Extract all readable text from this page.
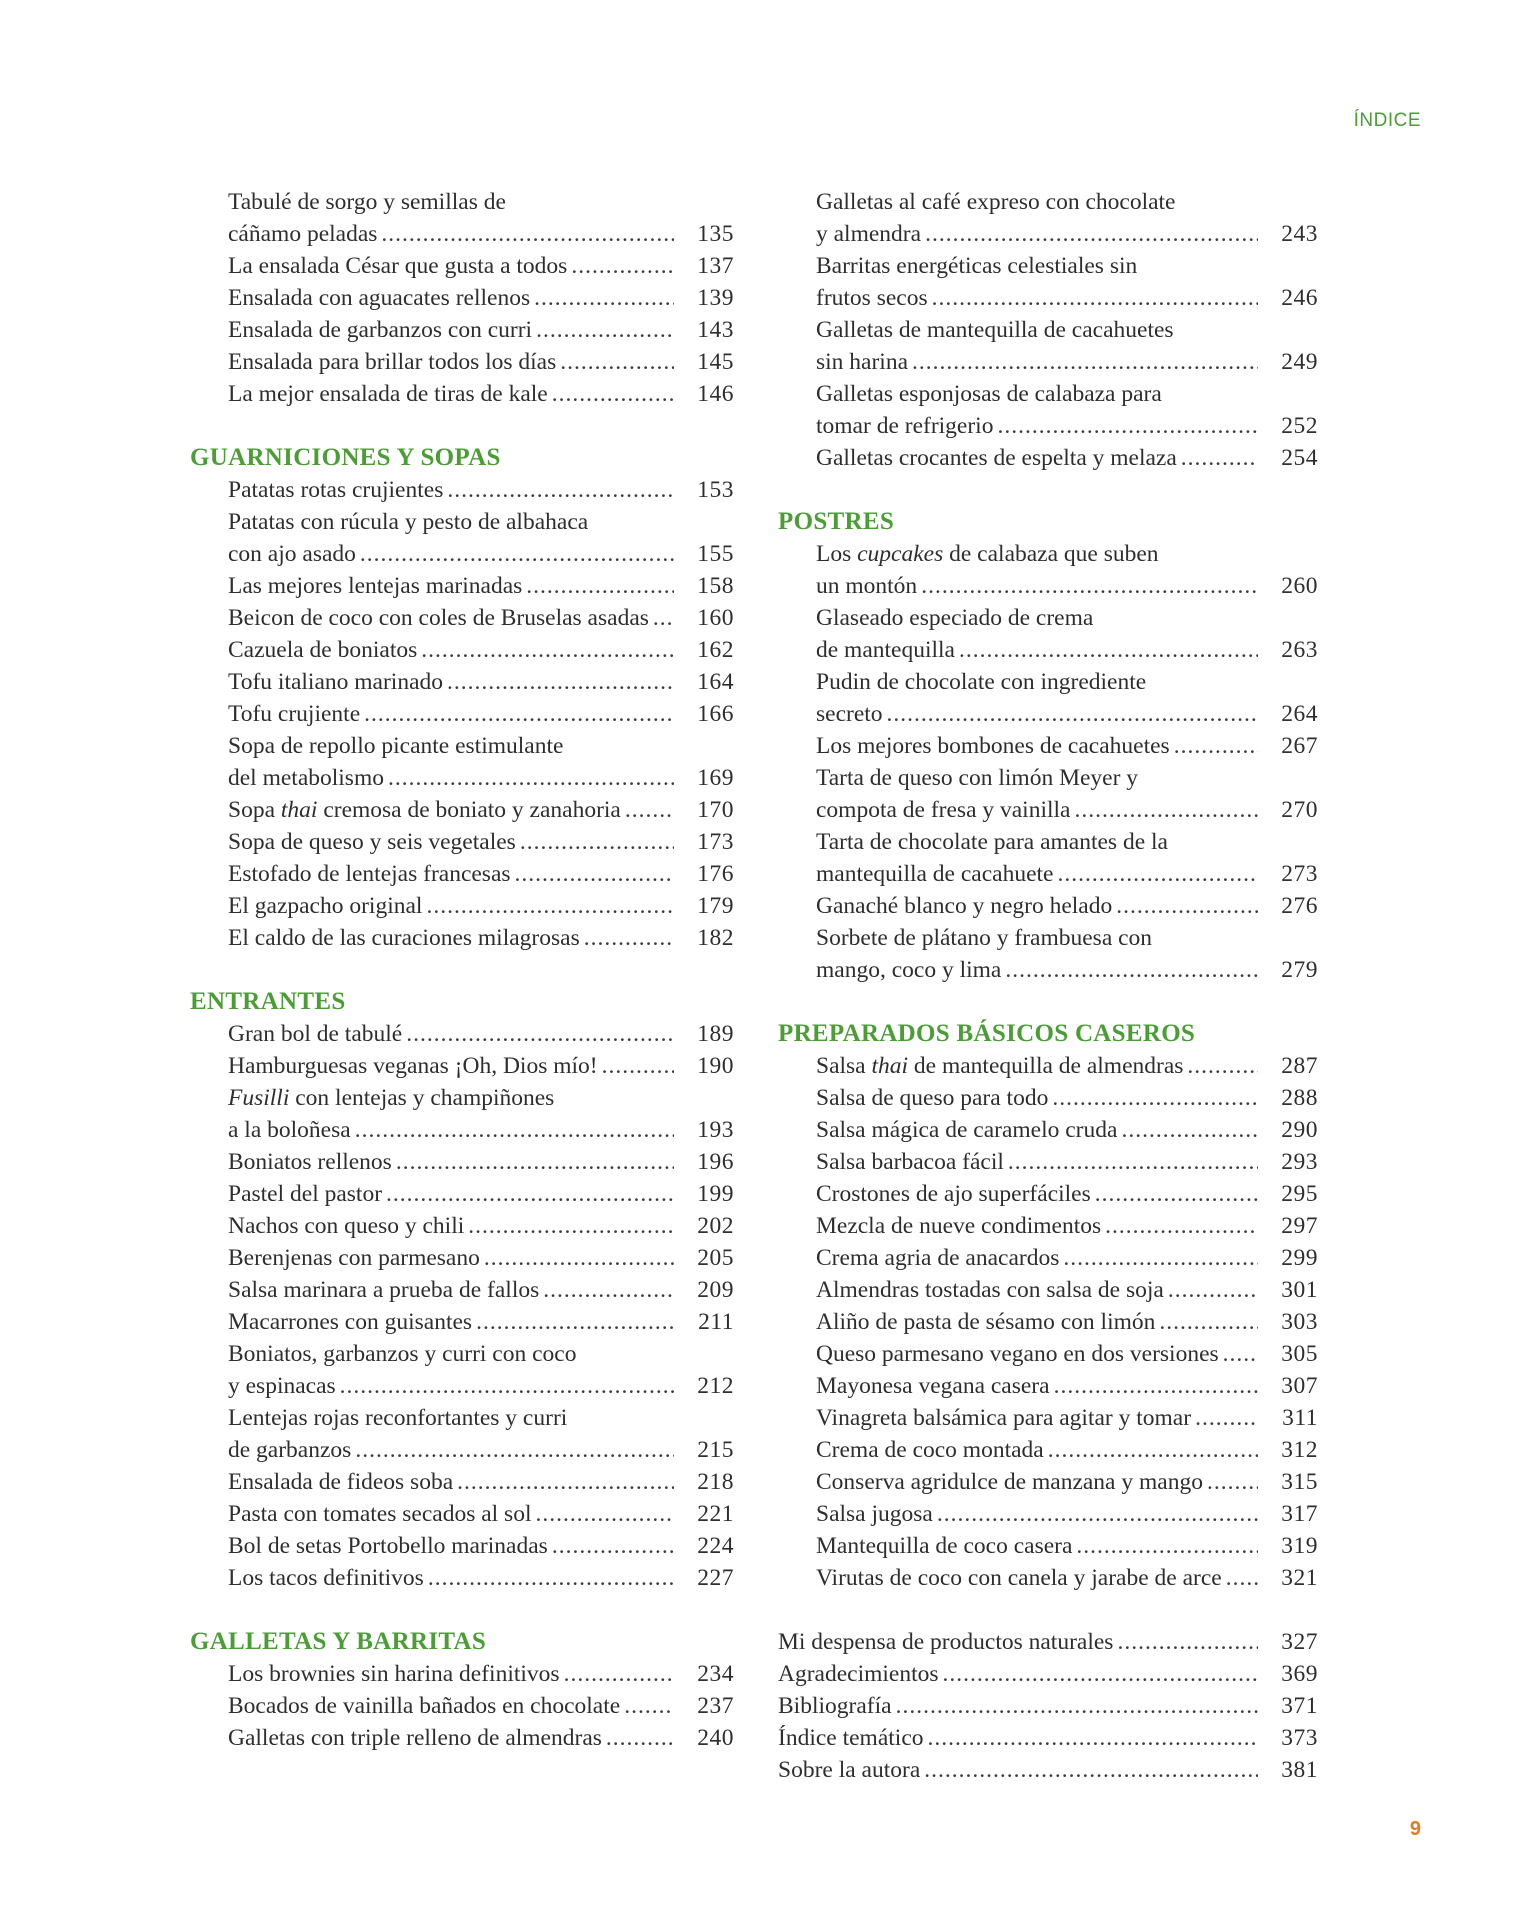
ÍNDICE
Tabulé de sorgo y semillas de
cáñamo peladas .....	135
La ensalada César que gusta a todos .....	137
Ensalada con aguacates rellenos .....	139
Ensalada de garbanzos con curri .....	143
Ensalada para brillar todos los días .....	145
La mejor ensalada de tiras de kale .....	146
GUARNICIONES Y SOPAS
Patatas rotas crujientes .....	153
Patatas con rúcula y pesto de albahaca
con ajo asado .....	155
Las mejores lentejas marinadas .....	158
Beicon de coco con coles de Bruselas asadas .....	160
Cazuela de boniatos .....	162
Tofu italiano marinado .....	164
Tofu crujiente .....	166
Sopa de repollo picante estimulante
del metabolismo .....	169
Sopa thai cremosa de boniato y zanahoria .....	170
Sopa de queso y seis vegetales .....	173
Estofado de lentejas francesas .....	176
El gazpacho original .....	179
El caldo de las curaciones milagrosas .....	182
ENTRANTES
Gran bol de tabulé .....	189
Hamburguesas veganas ¡Oh, Dios mío! .....	190
Fusilli con lentejas y champiñones
a la boloñesa .....	193
Boniatos rellenos .....	196
Pastel del pastor .....	199
Nachos con queso y chili .....	202
Berenjenas con parmesano .....	205
Salsa marinara a prueba de fallos .....	209
Macarrones con guisantes .....	211
Boniatos, garbanzos y curri con coco
y espinacas .....	212
Lentejas rojas reconfortantes y curri
de garbanzos .....	215
Ensalada de fideos soba .....	218
Pasta con tomates secados al sol .....	221
Bol de setas Portobello marinadas .....	224
Los tacos definitivos .....	227
GALLETAS Y BARRITAS
Los brownies sin harina definitivos .....	234
Bocados de vainilla bañados en chocolate .....	237
Galletas con triple relleno de almendras .....	240
Galletas al café expreso con chocolate
y almendra .....	243
Barritas energéticas celestiales sin
frutos secos .....	246
Galletas de mantequilla de cacahuetes
sin harina .....	249
Galletas esponjosas de calabaza para
tomar de refrigerio .....	252
Galletas crocantes de espelta y melaza .....	254
POSTRES
Los cupcakes de calabaza que suben
un montón .....	260
Glaseado especiado de crema
de mantequilla .....	263
Pudin de chocolate con ingrediente
secreto .....	264
Los mejores bombones de cacahuetes .....	267
Tarta de queso con limón Meyer y
compota de fresa y vainilla .....	270
Tarta de chocolate para amantes de la
mantequilla de cacahuete .....	273
Ganaché blanco y negro helado .....	276
Sorbete de plátano y frambuesa con
mango, coco y lima .....	279
PREPARADOS BÁSICOS CASEROS
Salsa thai de mantequilla de almendras .....	287
Salsa de queso para todo .....	288
Salsa mágica de caramelo cruda .....	290
Salsa barbacoa fácil .....	293
Crostones de ajo superfáciles .....	295
Mezcla de nueve condimentos .....	297
Crema agria de anacardos .....	299
Almendras tostadas con salsa de soja .....	301
Aliño de pasta de sésamo con limón .....	303
Queso parmesano vegano en dos versiones .....	305
Mayonesa vegana casera .....	307
Vinagreta balsámica para agitar y tomar .....	311
Crema de coco montada .....	312
Conserva agridulce de manzana y mango .....	315
Salsa jugosa .....	317
Mantequilla de coco casera .....	319
Virutas de coco con canela y jarabe de arce .....	321
Mi despensa de productos naturales .....	327
Agradecimientos .....	369
Bibliografía .....	371
Índice temático .....	373
Sobre la autora .....	381
9
